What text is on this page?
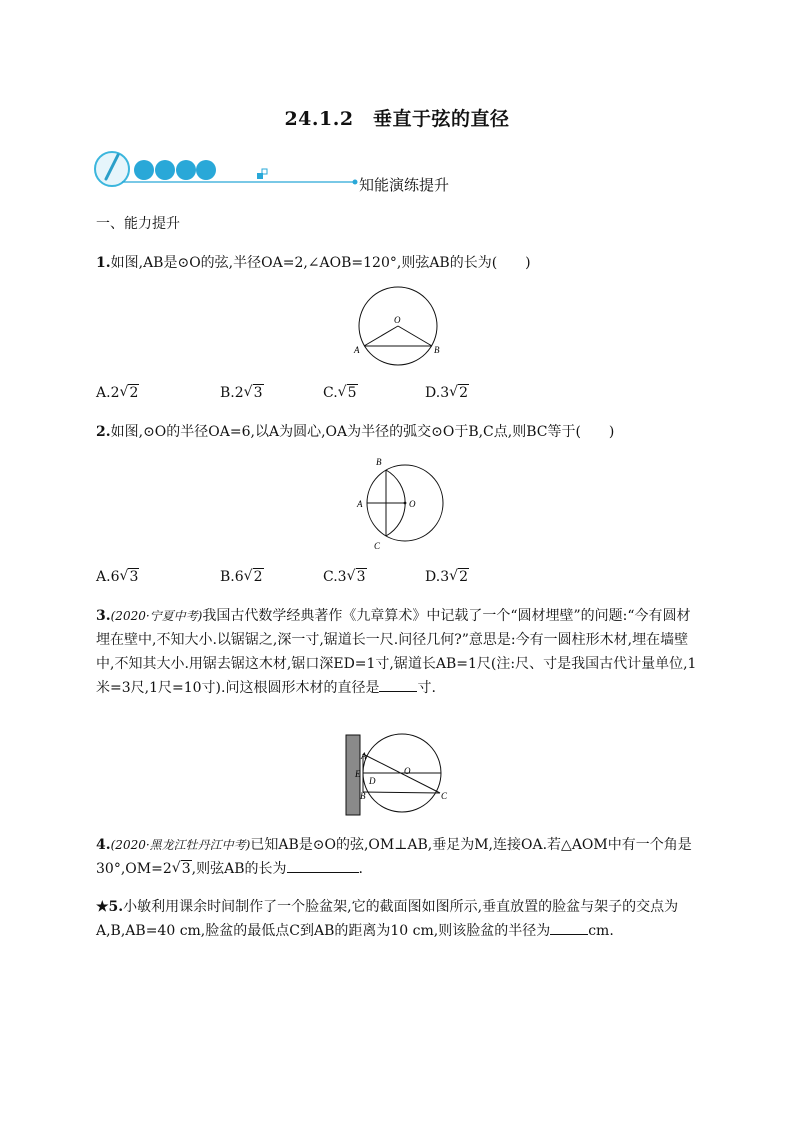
24.1.2　垂直于弦的直径
知能演练提升
一、能力提升
1.如图,AB是⊙O的弦,半径OA=2,∠AOB=120°,则弦AB的长为(　　)
O
A	B
A.2 √ 2	B.2 √ 3	C. √ 5	D.3 √ 2
2.如图,⊙O的半径OA=6,以A为圆心,OA为半径的弧交⊙O于B,C点,则BC等于(　　)
B
A	O
C
A.6 √ 3	B.6 √ 2	C.3 √ 3	D.3 √ 2
3.(2020·宁夏中考)我国古代数学经典著作《九章算术》中记载了一个“圆材埋壁”的问题:“今有圆材埋在壁中,不知大小.以锯锯之,深一寸,锯道长一尺.问径几何?”意思是:今有一圆柱形木材,埋在墙壁中,不知其大小.用锯去锯这木材,锯口深ED=1寸,锯道长AB=1尺(注:尺、寸是我国古代计量单位,1米=3尺,1尺=10寸).问这根圆形木材的直径是	寸.
A
E
D
O
B	C
4.(2020·黑龙江牡丹江中考)已知AB是⊙O的弦,OM⊥AB,垂足为M,连接OA.若△AOM中有一个角是30°,OM=2 √ 3,则弦AB的长为	.
★5.小敏利用课余时间制作了一个脸盆架,它的截面图如图所示,垂直放置的脸盆与架子的交点为A,B,AB=40 cm,脸盆的最低点C到AB的距离为10 cm,则该脸盆的半径为	cm.
